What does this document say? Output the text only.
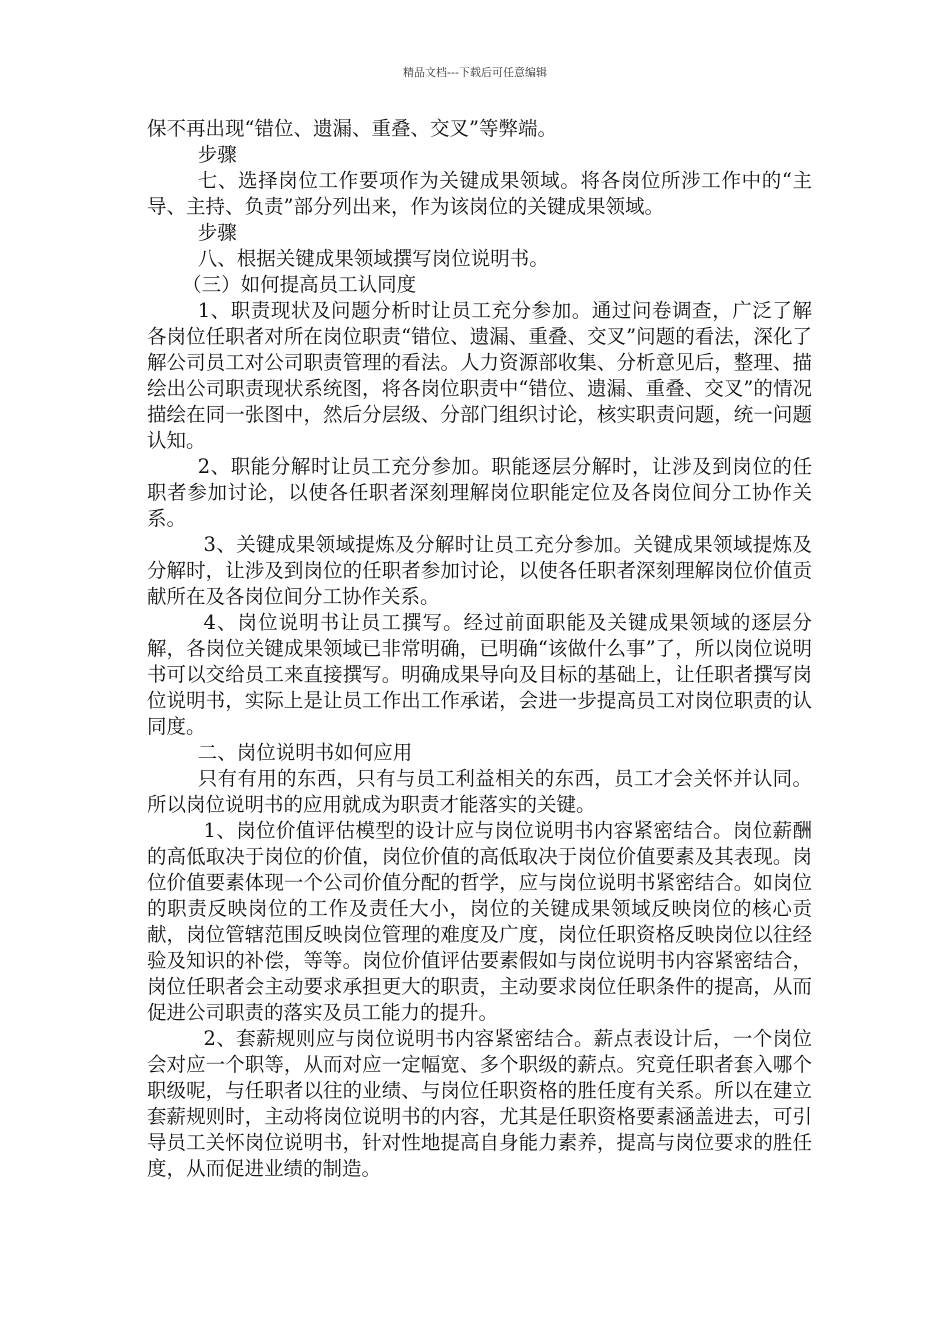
精品文档---下载后可任意编辑

保不再出现“错位、遗漏、重叠、交叉”等弊端。

步骤

七、选择岗位工作要项作为关键成果领域。将各岗位所涉工作中的“主导、主持、负责”部分列出来，作为该岗位的关键成果领域。

步骤

八、根据关键成果领域撰写岗位说明书。

（三）如何提高员工认同度

1、职责现状及问题分析时让员工充分参加。通过问卷调查，广泛了解各岗位任职者对所在岗位职责“错位、遗漏、重叠、交叉”问题的看法，深化了解公司员工对公司职责管理的看法。人力资源部收集、分析意见后，整理、描绘出公司职责现状系统图，将各岗位职责中“错位、遗漏、重叠、交叉”的情况描绘在同一张图中，然后分层级、分部门组织讨论，核实职责问题，统一问题认知。

2、职能分解时让员工充分参加。职能逐层分解时，让涉及到岗位的任职者参加讨论，以使各任职者深刻理解岗位职能定位及各岗位间分工协作关系。

3、关键成果领域提炼及分解时让员工充分参加。关键成果领域提炼及分解时，让涉及到岗位的任职者参加讨论，以使各任职者深刻理解岗位价值贡献所在及各岗位间分工协作关系。

4、岗位说明书让员工撰写。经过前面职能及关键成果领域的逐层分解，各岗位关键成果领域已非常明确，已明确“该做什么事”了，所以岗位说明书可以交给员工来直接撰写。明确成果导向及目标的基础上，让任职者撰写岗位说明书，实际上是让员工作出工作承诺，会进一步提高员工对岗位职责的认同度。

二、岗位说明书如何应用

只有有用的东西，只有与员工利益相关的东西，员工才会关怀并认同。所以岗位说明书的应用就成为职责才能落实的关键。

1、岗位价值评估模型的设计应与岗位说明书内容紧密结合。岗位薪酬的高低取决于岗位的价值，岗位价值的高低取决于岗位价值要素及其表现。岗位价值要素体现一个公司价值分配的哲学，应与岗位说明书紧密结合。如岗位的职责反映岗位的工作及责任大小，岗位的关键成果领域反映岗位的核心贡献，岗位管辖范围反映岗位管理的难度及广度，岗位任职资格反映岗位以往经验及知识的补偿，等等。岗位价值评估要素假如与岗位说明书内容紧密结合，岗位任职者会主动要求承担更大的职责，主动要求岗位任职条件的提高，从而促进公司职责的落实及员工能力的提升。

2、套薪规则应与岗位说明书内容紧密结合。薪点表设计后，一个岗位会对应一个职等，从而对应一定幅宽、多个职级的薪点。究竟任职者套入哪个职级呢，与任职者以往的业绩、与岗位任职资格的胜任度有关系。所以在建立套薪规则时，主动将岗位说明书的内容，尤其是任职资格要素涵盖进去，可引导员工关怀岗位说明书，针对性地提高自身能力素养，提高与岗位要求的胜任度，从而促进业绩的制造。
